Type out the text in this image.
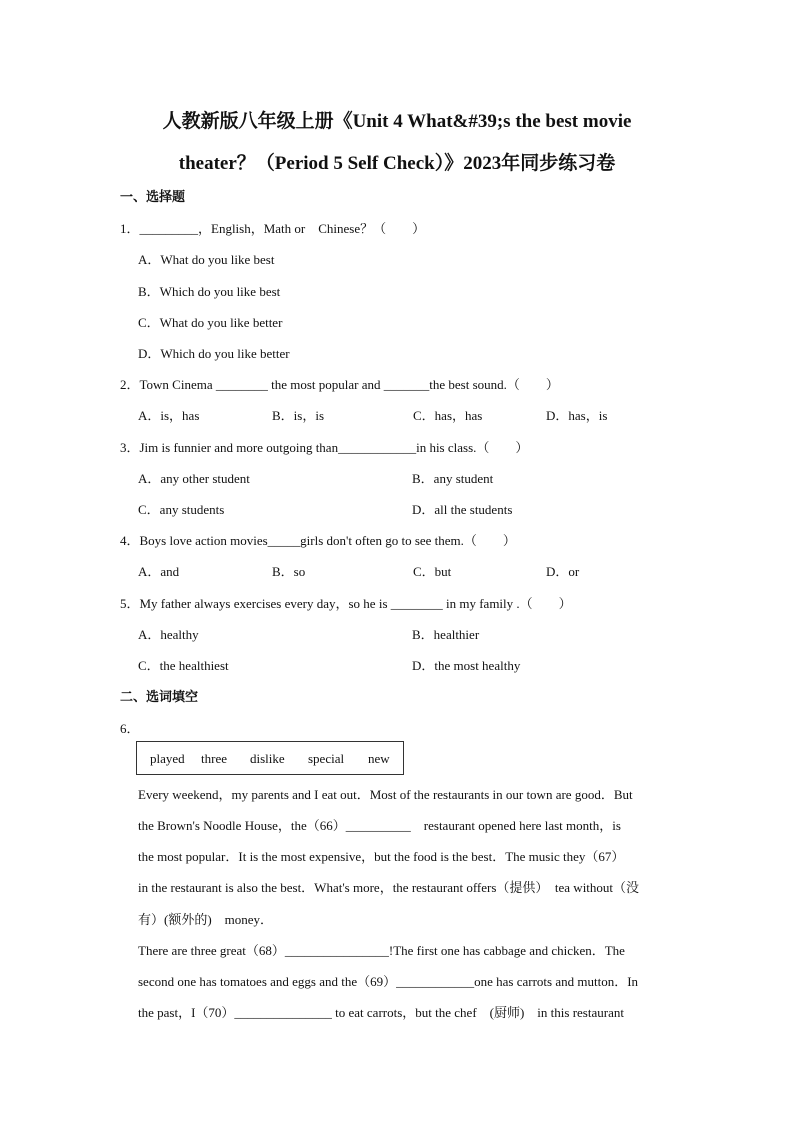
人教新版八年级上册《Unit 4 What&#39;s the best movie
theater？（Period 5 Self Check）》2023年同步练习卷
一、选择题
1．_________，English，Math or　Chinese？（　　）
A．What do you like best
B．Which do you like best
C．What do you like better
D．Which do you like better
2．Town Cinema ________ the most popular and _______the best sound.（　　）
A．is，has	B．is，is	C．has，has	D．has，is
3．Jim is funnier and more outgoing than____________in his class.（　　）
A．any other student	B．any student
C．any students	D．all the students
4．Boys love action movies_____girls don't often go to see them.（　　）
A．and	B．so	C．but	D．or
5．My father always exercises every day，so he is ________ in my family .（　　）
A．healthy	B．healthier
C．the healthiest	D．the most healthy
二、选词填空
6．
played three dislike special new
Every weekend，my parents and I eat out．Most of the restaurants in our town are good．But
the Brown's Noodle House，the（66）__________　restaurant opened here last month，is
the most popular．It is the most expensive，but the food is the best．The music they（67）
in the restaurant is also the best．What's more，the restaurant offers（提供）　tea without（没
有）(额外的)　money．
There are three great（68）________________!The first one has cabbage and chicken．The
second one has tomatoes and eggs and the（69）____________one has carrots and mutton．In
the past，I（70）_______________ to eat carrots，but the chef　(厨师)　in this restaurant
